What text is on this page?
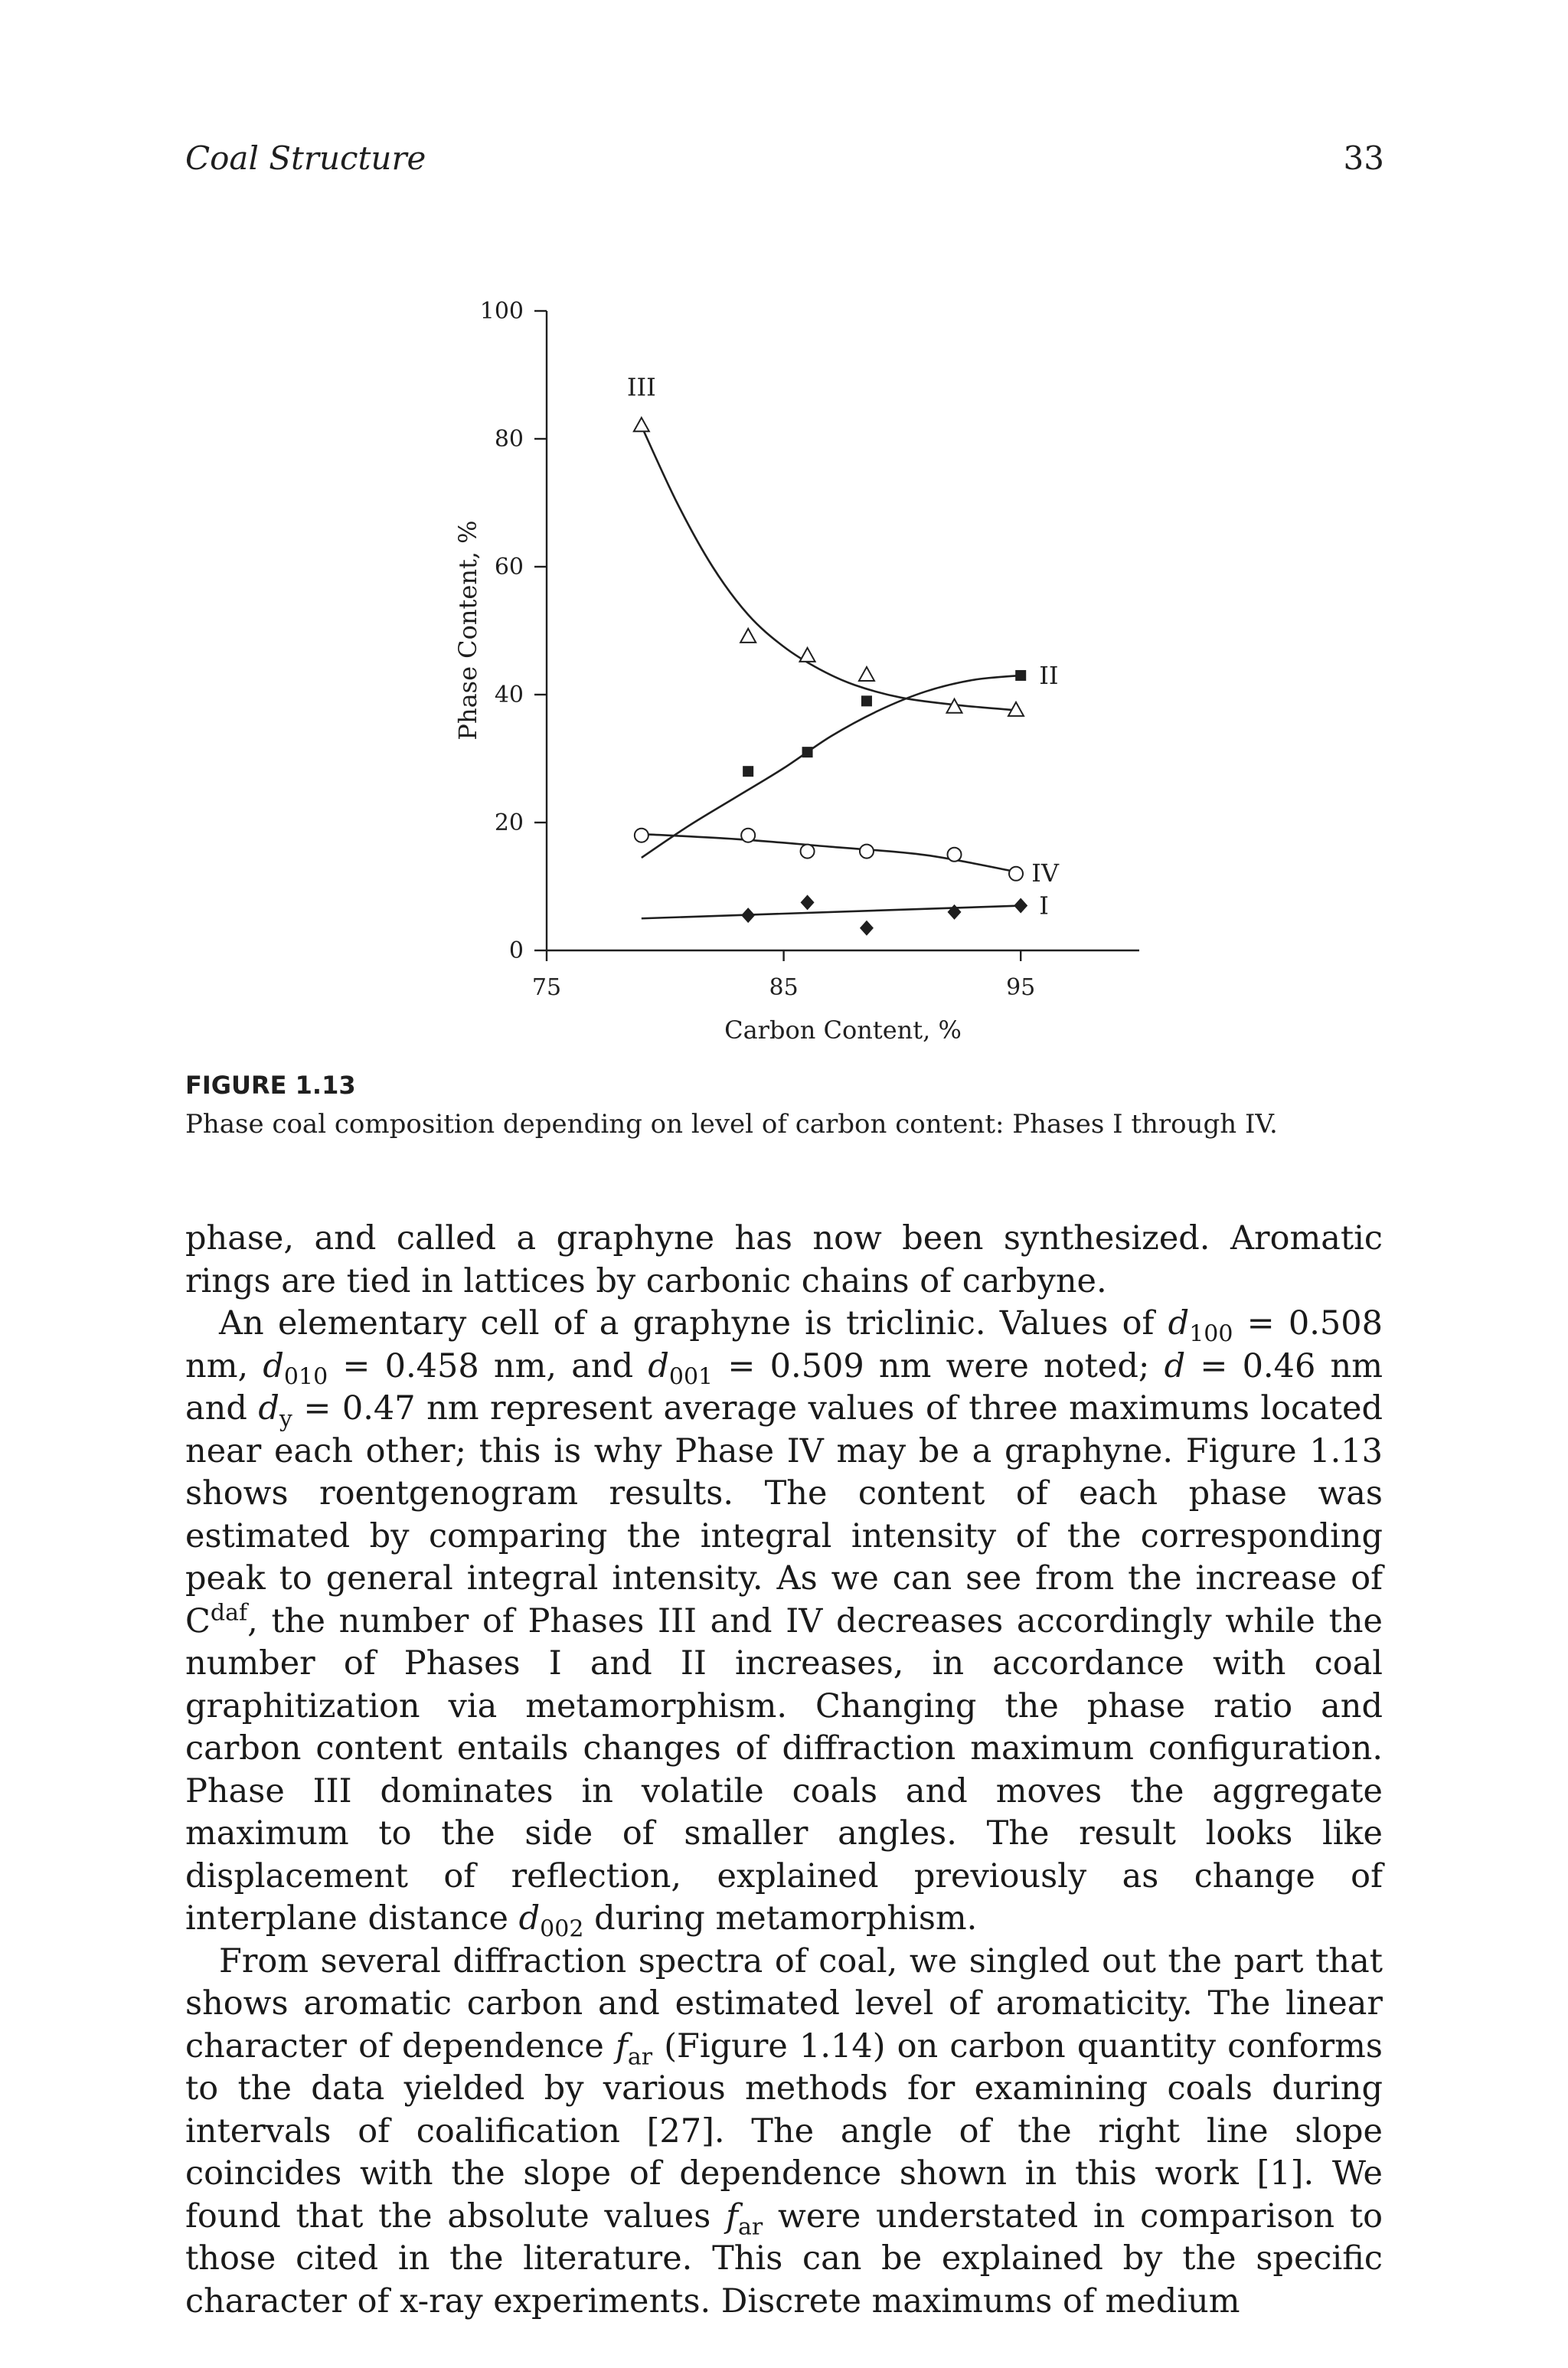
Coal Structure	33
0
20
40
60
80
100
75	85	95
III
II
IV
I
Carbon Content, %
Phase Content, %
FIGURE 1.13
Phase coal composition depending on level of carbon content: Phases I through IV.

phase, and called a graphyne has now been synthesized. Aromatic rings are tied in lattices by carbonic chains of carbyne.

An elementary cell of a graphyne is triclinic. Values of $d_{100} = 0.508$ nm, $d_{010} = 0.458$ nm, and $d_{001} = 0.509$ nm were noted; d = 0.46 nm and $d_y = 0.47$ nm represent average values of three maximums located near each other; this is why Phase IV may be a graphyne. Figure 1.13 shows roentgenogram results. The content of each phase was estimated by comparing the integral intensity of the corresponding peak to general integral intensity. As we can see from the increase of $C^{daf}$, the number of Phases III and IV decreases accordingly while the number of Phases I and II increases, in accordance with coal graphitization via metamorphism. Changing the phase ratio and carbon content entails changes of diffraction maximum configuration. Phase III dominates in volatile coals and moves the aggregate maximum to the side of smaller angles. The result looks like displacement of reflection, explained previously as change of interplane distance $d_{002}$ during metamorphism.

From several diffraction spectra of coal, we singled out the part that shows aromatic carbon and estimated level of aromaticity. The linear character of dependence $f_{ar}$ (Figure 1.14) on carbon quantity conforms to the data yielded by various methods for examining coals during intervals of coalification [27]. The angle of the right line slope coincides with the slope of dependence shown in this work [1]. We found that the absolute values $f_{ar}$ were understated in comparison to those cited in the literature. This can be explained by the specific character of x-ray experiments. Discrete maximums of medium
